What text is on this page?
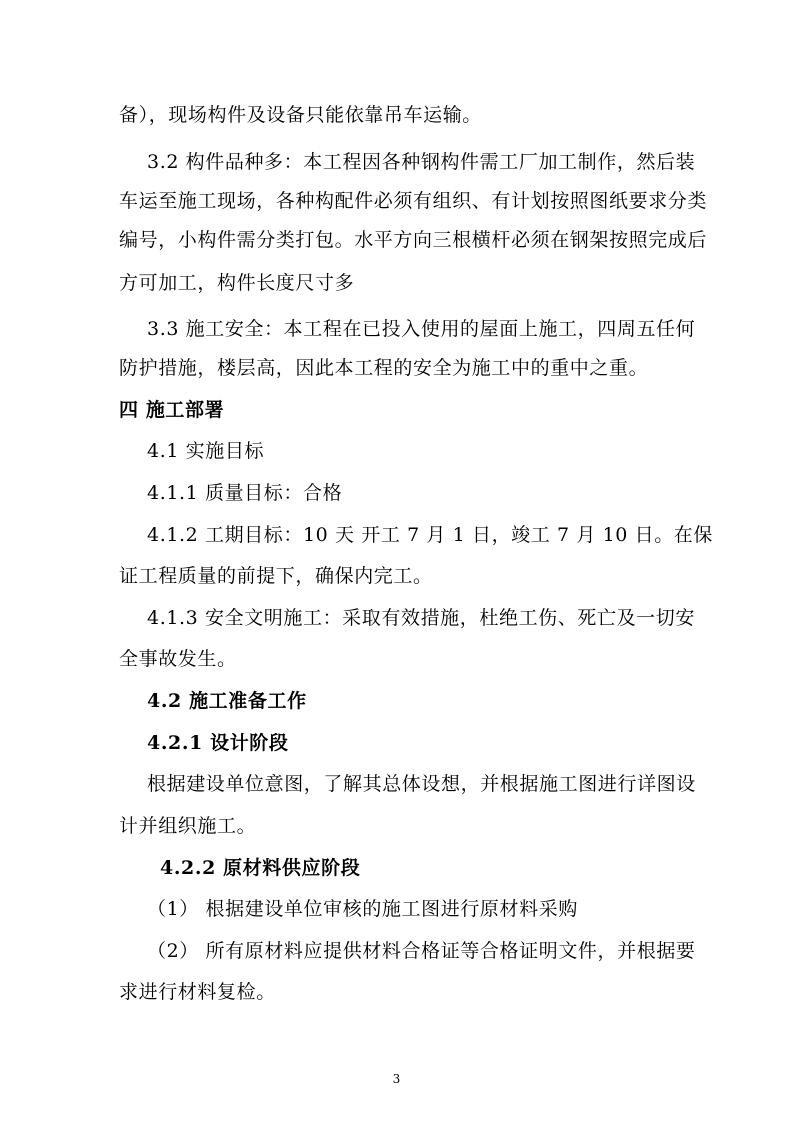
备），现场构件及设备只能依靠吊车运输。
3.2 构件品种多：本工程因各种钢构件需工厂加工制作，然后装
车运至施工现场，各种构配件必须有组织、有计划按照图纸要求分类
编号，小构件需分类打包。水平方向三根横杆必须在钢架按照完成后
方可加工，构件长度尺寸多
3.3 施工安全：本工程在已投入使用的屋面上施工，四周五任何
防护措施，楼层高，因此本工程的安全为施工中的重中之重。
四 施工部署
4.1 实施目标
4.1.1 质量目标：合格
4.1.2 工期目标：10 天 开工 7 月 1 日，竣工 7 月 10 日。在保
证工程质量的前提下，确保内完工。
4.1.3 安全文明施工：采取有效措施，杜绝工伤、死亡及一切安
全事故发生。
4.2 施工准备工作
4.2.1 设计阶段
根据建设单位意图，了解其总体设想，并根据施工图进行详图设
计并组织施工。
4.2.2 原材料供应阶段
（1） 根据建设单位审核的施工图进行原材料采购
（2） 所有原材料应提供材料合格证等合格证明文件，并根据要
求进行材料复检。
3
